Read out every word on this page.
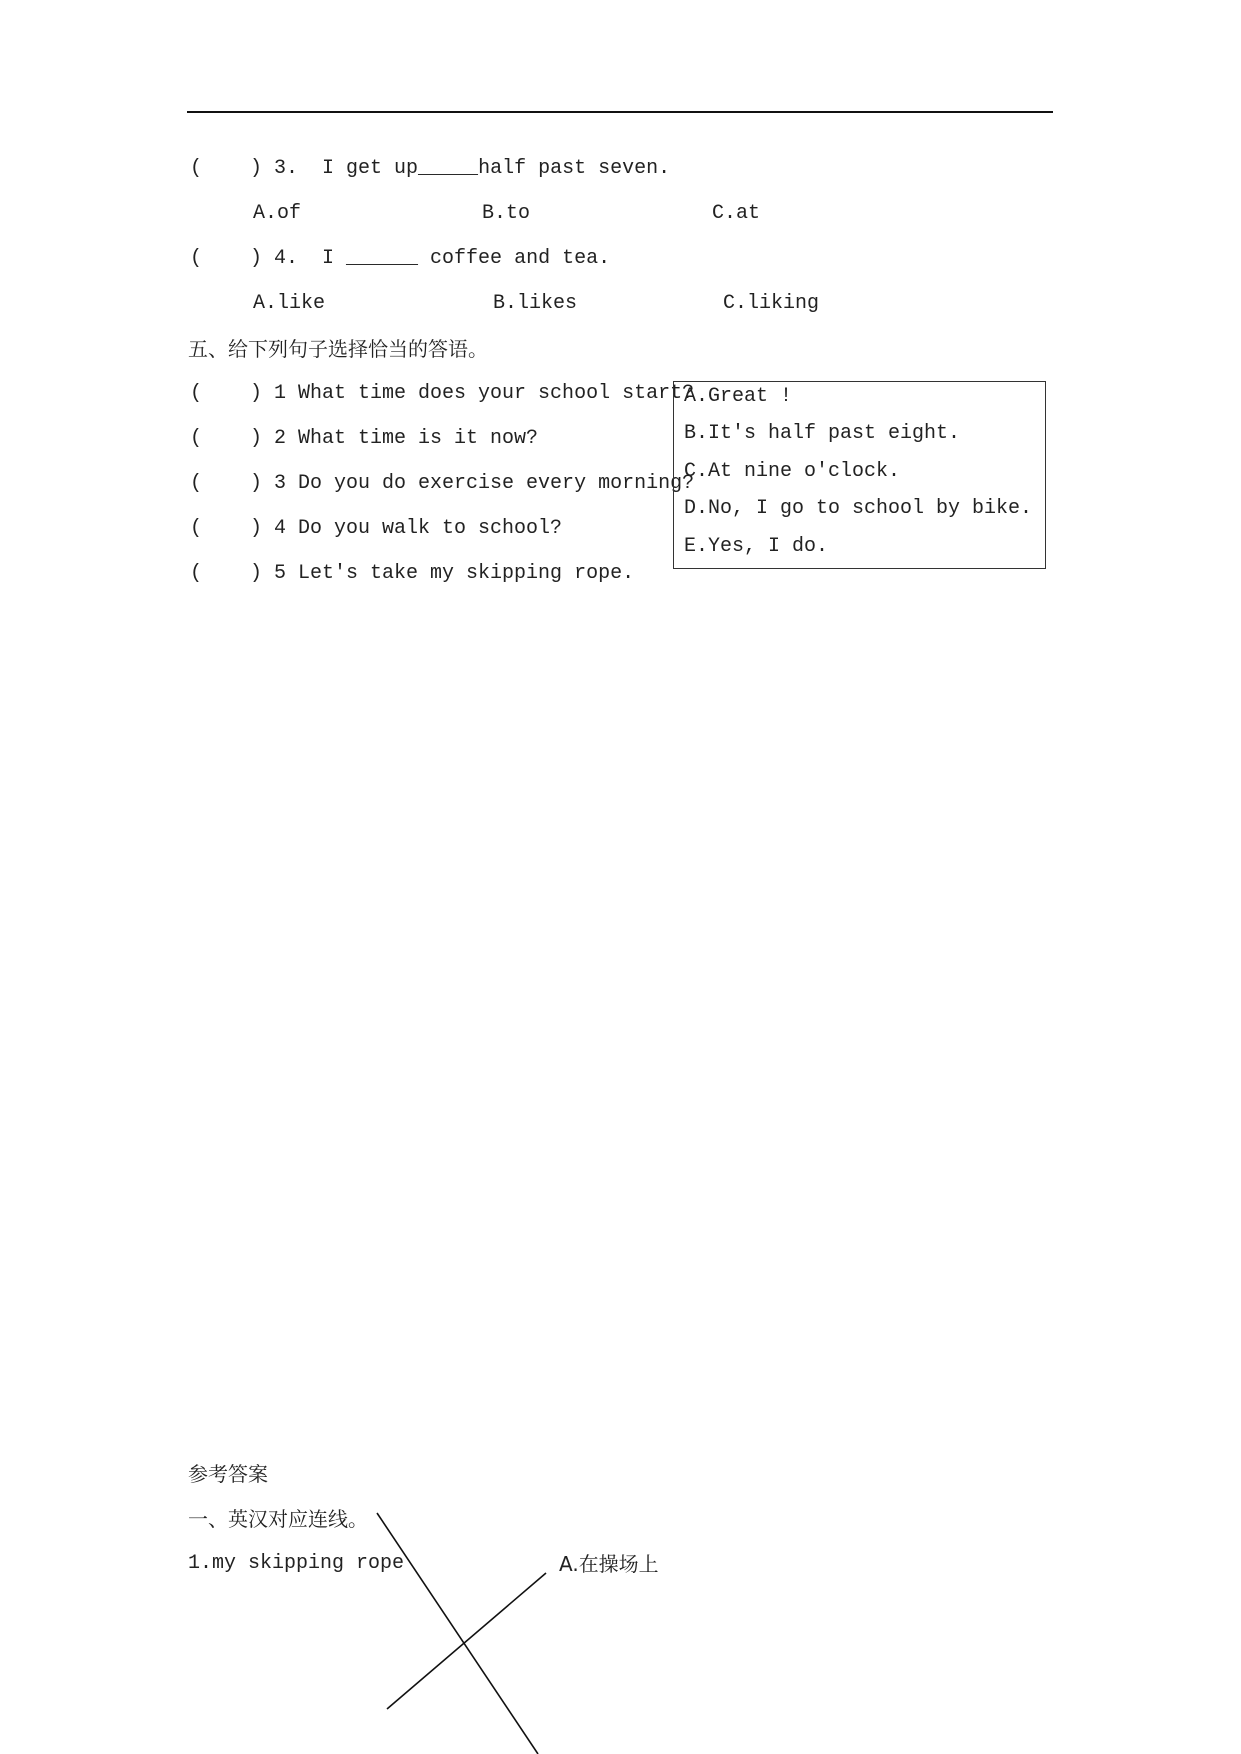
(    ) 3.  I get up_____half past seven.
A.of	B.to	C.at
(    ) 4.  I ______ coffee and tea.
A.like	B.likes	C.liking
五、给下列句子选择恰当的答语。
(    ) 1 What time does your school start?
(    ) 2 What time is it now?
(    ) 3 Do you do exercise every morning?
(    ) 4 Do you walk to school?
(    ) 5 Let's take my skipping rope.
A.Great !
B.It's half past eight.
C.At nine o'clock.
D.No, I go to school by bike.
E.Yes, I do.
参考答案
一、英汉对应连线。
1.my skipping rope	A.在操场上
